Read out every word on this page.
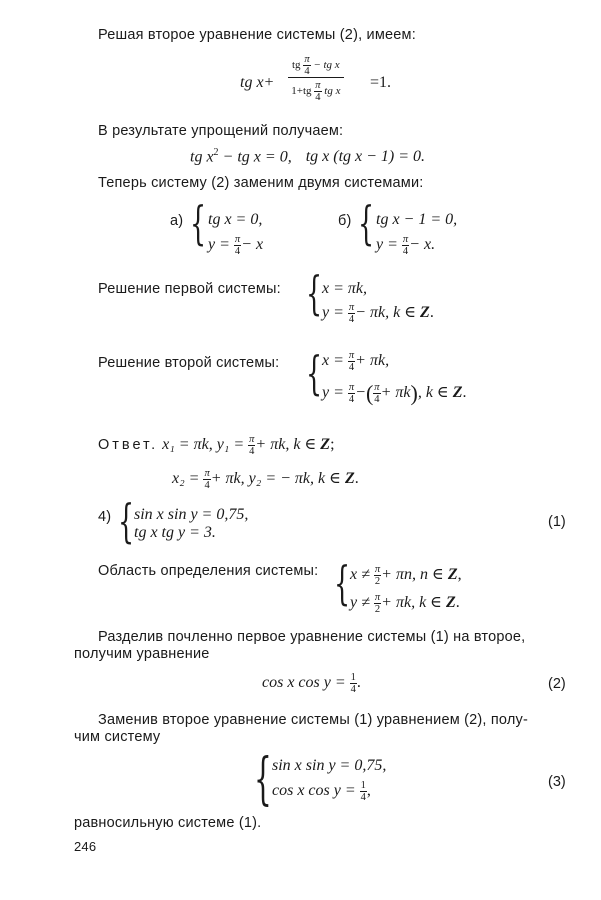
Решая второе уравнение системы (2), имеем:
tg $x+ \frac{tg \frac{\pi}{4} - tg x}{1+tg \frac{\pi}{4} tg x} =1$.
В результате упрощений получаем:
tg $x^2$ − tg x = 0, tg x (tg x − 1) = 0.
Теперь систему (2) заменим двумя системами:
а) { tg x = 0,
$y = \frac{\pi}{4} - x$
б) { tg x − 1 = 0,
$y = \frac{\pi}{4} - x$.
Решение первой системы: { x = πk,
$y = \frac{\pi}{4} - \pi k$, k ∈ Z.
Решение второй системы: { $x = \frac{\pi}{4} + \pi k$,
$y = \frac{\pi}{4}$ −( $\frac{\pi}{4} + \pi k$), k ∈ Z.
Ответ. x₁ = πk, $y_1 = \frac{\pi}{4} + \pi k$, k ∈ Z;
$x_2 = \frac{\pi}{4} + \pi k$, y₂ = − πk, k ∈ Z.
4) { sin x sin y = 0,75,
tg x tg y = 3.
(1)
Область определения системы: { $x \ne \frac{\pi}{2} + \pi n$, n ∈ Z,
$y \ne \frac{\pi}{2} + \pi k$, k ∈ Z.
Разделив почленно первое уравнение системы (1) на второе,
получим уравнение
cos x $\cos y = \frac{1}{4}$ .	(2)
Заменив второе уравнение системы (1) уравнением (2), полу-
чим систему
{ sin x sin y = 0,75,
cos x $\cos y = \frac{1}{4}$ ,
(3)
равносильную системе (1).
246
